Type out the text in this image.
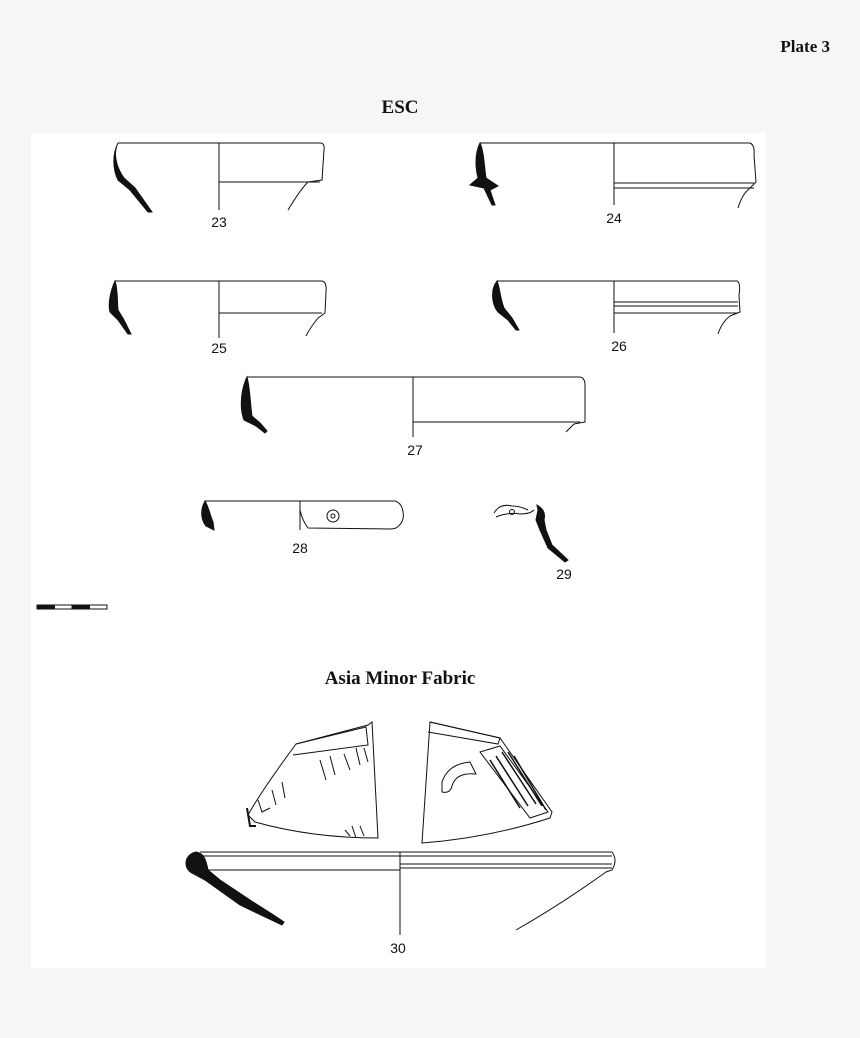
Plate 3
ESC
Asia Minor Fabric
23	24
25	26
27
28
29
30
